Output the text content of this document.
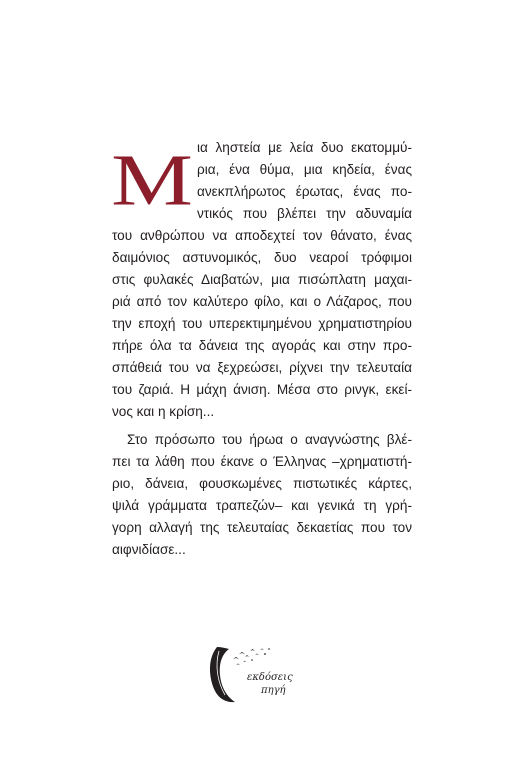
Μ ια ληστεία με λεία δυο εκατομμύ-
ρια, ένα θύμα, μια κηδεία, ένας
ανεκπλήρωτος έρωτας, ένας πο-
ντικός που βλέπει την αδυναμία
του ανθρώπου να αποδεχτεί τον θάνατο, ένας
δαιμόνιος αστυνομικός, δυο νεαροί τρόφιμοι
στις φυλακές Διαβατών, μια πισώπλατη μαχαι-
ριά από τον καλύτερο φίλο, και ο Λάζαρος, που
την εποχή του υπερεκτιμημένου χρηματιστηρίου
πήρε όλα τα δάνεια της αγοράς και στην προ-
σπάθειά του να ξεχρεώσει, ρίχνει την τελευταία
του ζαριά. Η μάχη άνιση. Μέσα στο ρινγκ, εκεί-
νος και η κρίση...
Στο πρόσωπο του ήρωα ο αναγνώστης βλέ-
πει τα λάθη που έκανε ο Έλληνας –χρηματιστή-
ριο, δάνεια, φουσκωμένες πιστωτικές κάρτες,
ψιλά γράμματα τραπεζών– και γενικά τη γρή-
γορη αλλαγή της τελευταίας δεκαετίας που τον
αιφνιδίασε...
εκδόσεις
πηγή
